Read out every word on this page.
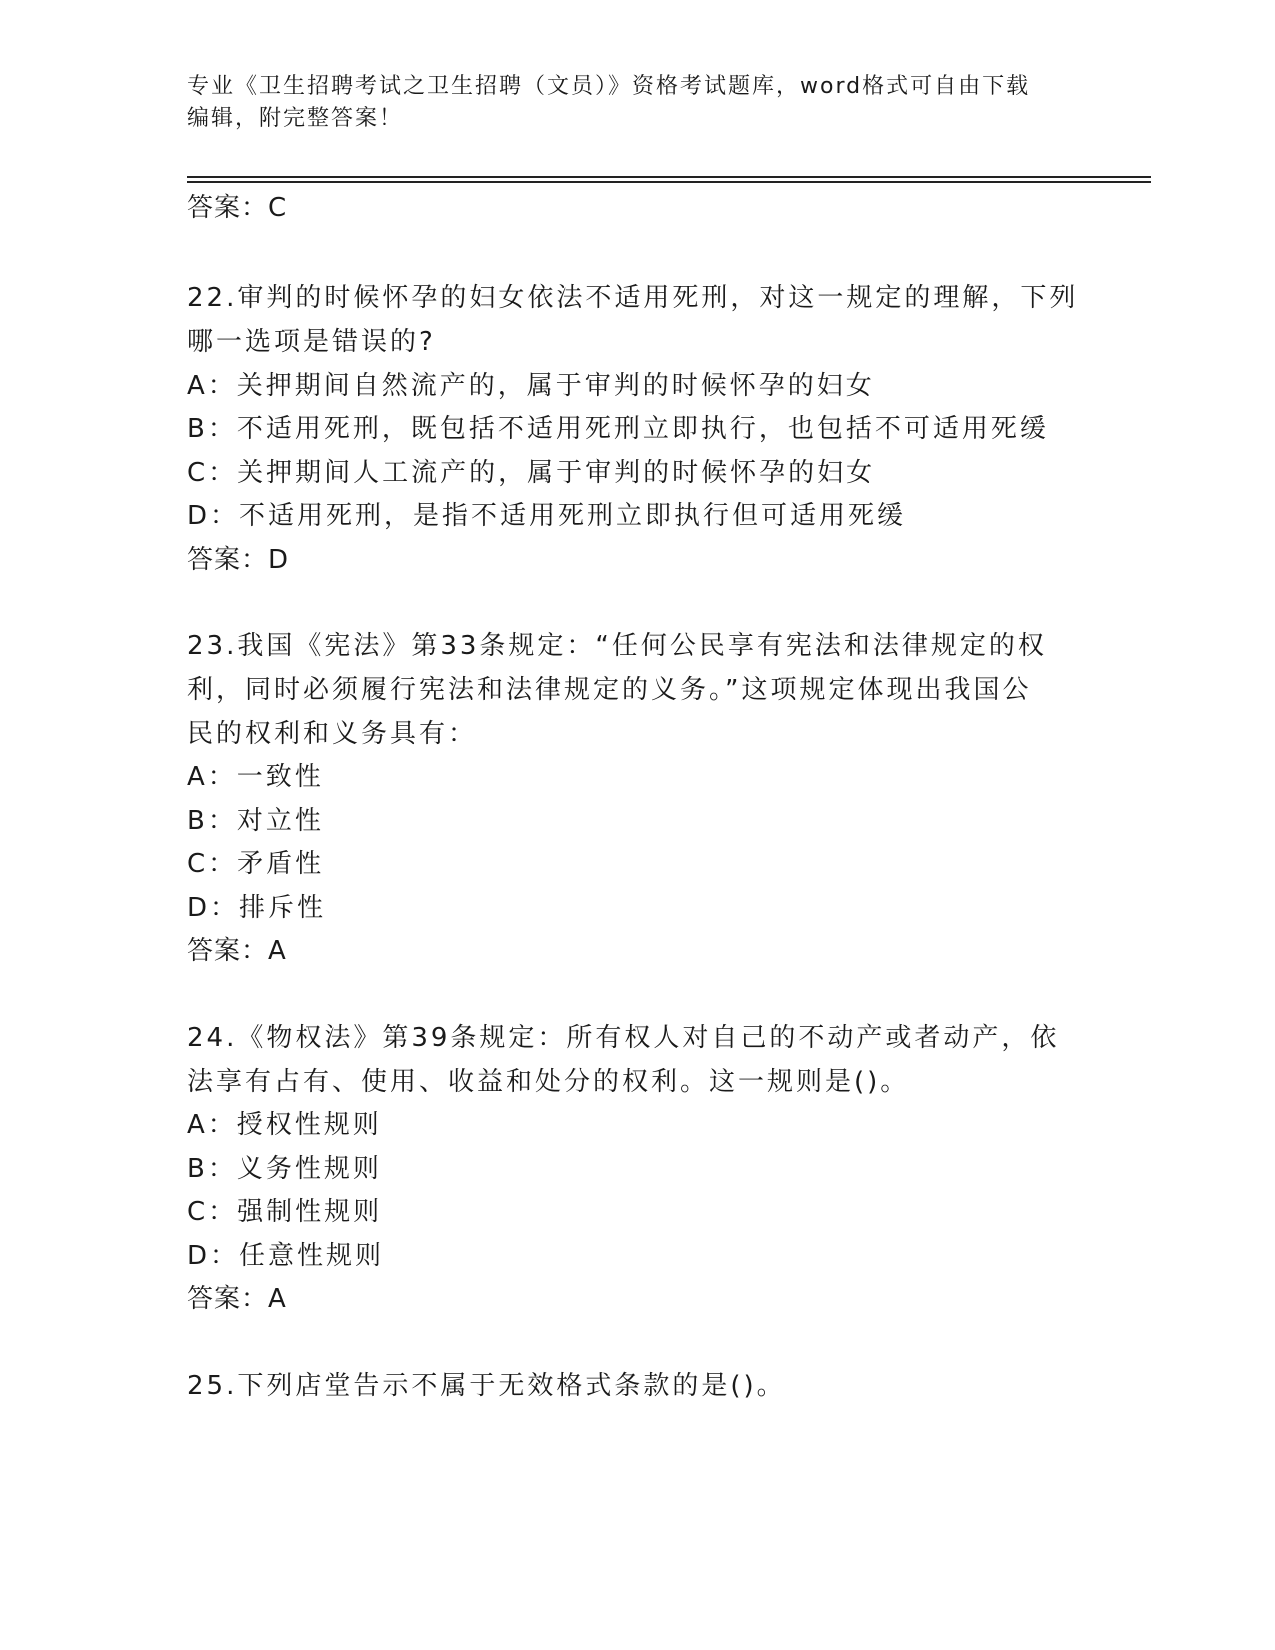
专业《卫生招聘考试之卫生招聘（文员）》资格考试题库，word格式可自由下载
编辑，附完整答案！
答案：C
22.审判的时候怀孕的妇女依法不适用死刑，对这一规定的理解，下列
哪一选项是错误的?
A：关押期间自然流产的，属于审判的时候怀孕的妇女
B：不适用死刑，既包括不适用死刑立即执行，也包括不可适用死缓
C：关押期间人工流产的，属于审判的时候怀孕的妇女
D：不适用死刑，是指不适用死刑立即执行但可适用死缓
答案：D
23.我国《宪法》第33条规定：“任何公民享有宪法和法律规定的权
利，同时必须履行宪法和法律规定的义务。”这项规定体现出我国公
民的权利和义务具有：
A：一致性
B：对立性
C：矛盾性
D：排斥性
答案：A
24.《物权法》第39条规定：所有权人对自己的不动产或者动产，依
法享有占有、使用、收益和处分的权利。这一规则是()。
A：授权性规则
B：义务性规则
C：强制性规则
D：任意性规则
答案：A
25.下列店堂告示不属于无效格式条款的是()。
